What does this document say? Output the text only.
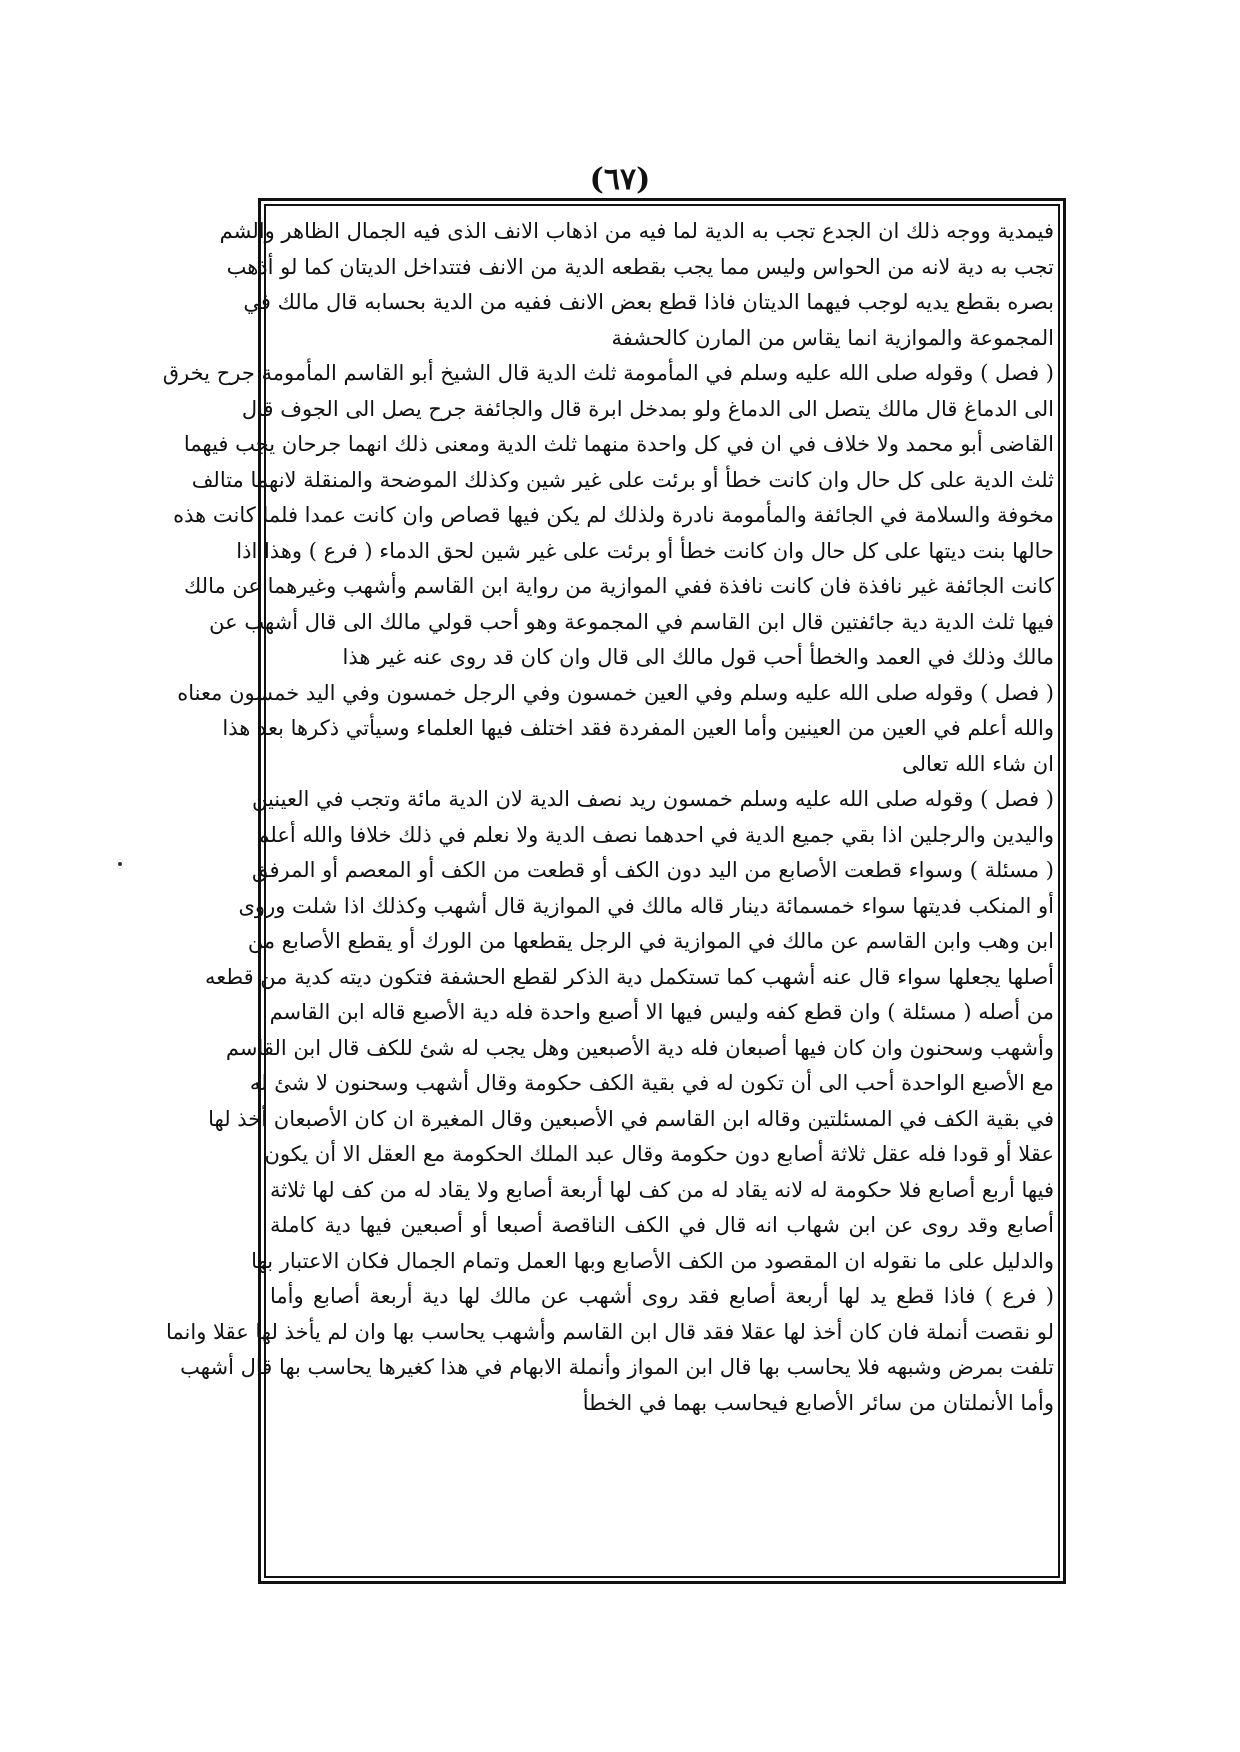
(٦٧)
فيمدية ووجه ذلك ان الجدع تجب به الدية لما فيه من اذهاب الانف الذى فيه الجمال الظاهر والشم
تجب به دية لانه من الحواس وليس مما يجب بقطعه الدية من الانف فتتداخل الديتان كما لو أذهب
بصره بقطع يديه لوجب فيهما الديتان فاذا قطع بعض الانف ففيه من الدية بحسابه قال مالك في
المجموعة والموازية انما يقاس من المارن كالحشفة
( فصل ) وقوله صلى الله عليه وسلم في المأمومة ثلث الدية قال الشيخ أبو القاسم المأمومة جرح يخرق
الى الدماغ قال مالك يتصل الى الدماغ ولو بمدخل ابرة قال والجائفة جرح يصل الى الجوف قال
القاضى أبو محمد ولا خلاف في ان في كل واحدة منهما ثلث الدية ومعنى ذلك انهما جرحان يجب فيهما
ثلث الدية على كل حال وان كانت خطأ أو برئت على غير شين وكذلك الموضحة والمنقلة لانهما متالف
مخوفة والسلامة في الجائفة والمأمومة نادرة ولذلك لم يكن فيها قصاص وان كانت عمدا فلما كانت هذه
حالها بنت ديتها على كل حال وان كانت خطأ أو برئت على غير شين لحق الدماء ( فرع ) وهذا اذا
كانت الجائفة غير نافذة فان كانت نافذة ففي الموازية من رواية ابن القاسم وأشهب وغيرهما عن مالك
فيها ثلث الدية دية جائفتين قال ابن القاسم في المجموعة وهو أحب قولي مالك الى قال أشهب عن
مالك وذلك في العمد والخطأ أحب قول مالك الى قال وان كان قد روى عنه غير هذا
( فصل ) وقوله صلى الله عليه وسلم وفي العين خمسون وفي الرجل خمسون وفي اليد خمسون معناه
والله أعلم في العين من العينين وأما العين المفردة فقد اختلف فيها العلماء وسيأتي ذكرها بعد هذا
ان شاء الله تعالى
( فصل ) وقوله صلى الله عليه وسلم خمسون ريد نصف الدية لان الدية مائة وتجب في العينين
واليدين والرجلين اذا بقي جميع الدية في احدهما نصف الدية ولا نعلم في ذلك خلافا والله أعلم
( مسئلة ) وسواء قطعت الأصابع من اليد دون الكف أو قطعت من الكف أو المعصم أو المرفق
أو المنكب فديتها سواء خمسمائة دينار قاله مالك في الموازية قال أشهب وكذلك اذا شلت وروى
ابن وهب وابن القاسم عن مالك في الموازية في الرجل يقطعها من الورك أو يقطع الأصابع من
أصلها يجعلها سواء قال عنه أشهب كما تستكمل دية الذكر لقطع الحشفة فتكون ديته كدية من قطعه
من أصله ( مسئلة ) وان قطع كفه وليس فيها الا أصبع واحدة فله دية الأصبع قاله ابن القاسم
وأشهب وسحنون وان كان فيها أصبعان فله دية الأصبعين وهل يجب له شئ للكف قال ابن القاسم
مع الأصبع الواحدة أحب الى أن تكون له في بقية الكف حكومة وقال أشهب وسحنون لا شئ له
في بقية الكف في المسئلتين وقاله ابن القاسم في الأصبعين وقال المغيرة ان كان الأصبعان أخذ لها
عقلا أو قودا فله عقل ثلاثة أصابع دون حكومة وقال عبد الملك الحكومة مع العقل الا أن يكون
فيها أربع أصابع فلا حكومة له لانه يقاد له من كف لها أربعة أصابع ولا يقاد له من كف لها ثلاثة
أصابع وقد روى عن ابن شهاب انه قال في الكف الناقصة أصبعا أو أصبعين فيها دية كاملة
والدليل على ما نقوله ان المقصود من الكف الأصابع وبها العمل وتمام الجمال فكان الاعتبار بها
( فرع ) فاذا قطع يد لها أربعة أصابع فقد روى أشهب عن مالك لها دية أربعة أصابع وأما
لو نقصت أنملة فان كان أخذ لها عقلا فقد قال ابن القاسم وأشهب يحاسب بها وان لم يأخذ لها عقلا وانما
تلفت بمرض وشبهه فلا يحاسب بها قال ابن المواز وأنملة الابهام في هذا كغيرها يحاسب بها قال أشهب
وأما الأنملتان من سائر الأصابع فيحاسب بهما في الخطأ
